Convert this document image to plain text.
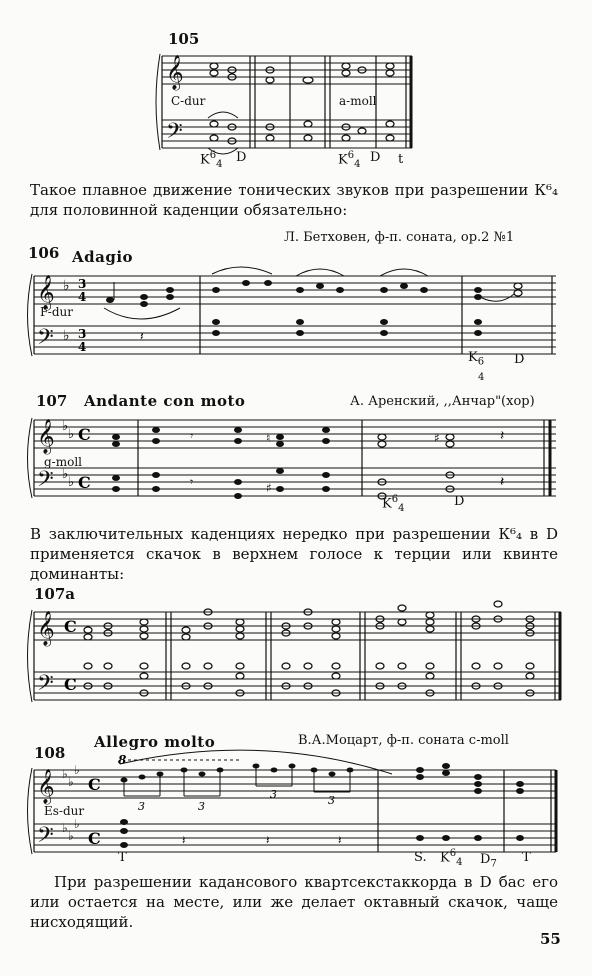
105
𝄞
𝄢
C-dur	a-moll
$K^6_4$ D	$K^6_4$ D t
Такое плавное движение тонических звуков при разрешении К⁶₄ для половинной каденции обязательно:
106 Adagio
Л. Бетховен, ф-п. соната, op.2 №1
𝄞
𝄢
♭
♭
3
4
3
4
𝄽
F-dur
$K_6$
4
D
107 Andante con moto	А. Аренский, ,,Анчар"(хор)
𝄞
𝄢
♭
♭
♭
♭
C
C
𝄾
𝄾
♮
♯
♯	𝄽
𝄽
g-moll
$K^6_4$	D
В заключительных каденциях нередко при разрешении К⁶₄ в D применяется скачок в верхнем голосе к терции или квинте доминанты:
107a
𝄞
𝄢
C
C
108
Allegro molto	В.А.Моцарт, ф-п. соната c-moll
𝄞
𝄢
♭
♭
♭
♭
♭
♭
C
C
8
3	3
3	3
𝄽	𝄽	𝄽
Es-dur
T	S. $K^6_4$ $D_7$ T
При разрешении кадансового квартсекстаккорда в D бас его или остается на месте, или же делает октавный скачок, чаще нисходящий.
55
